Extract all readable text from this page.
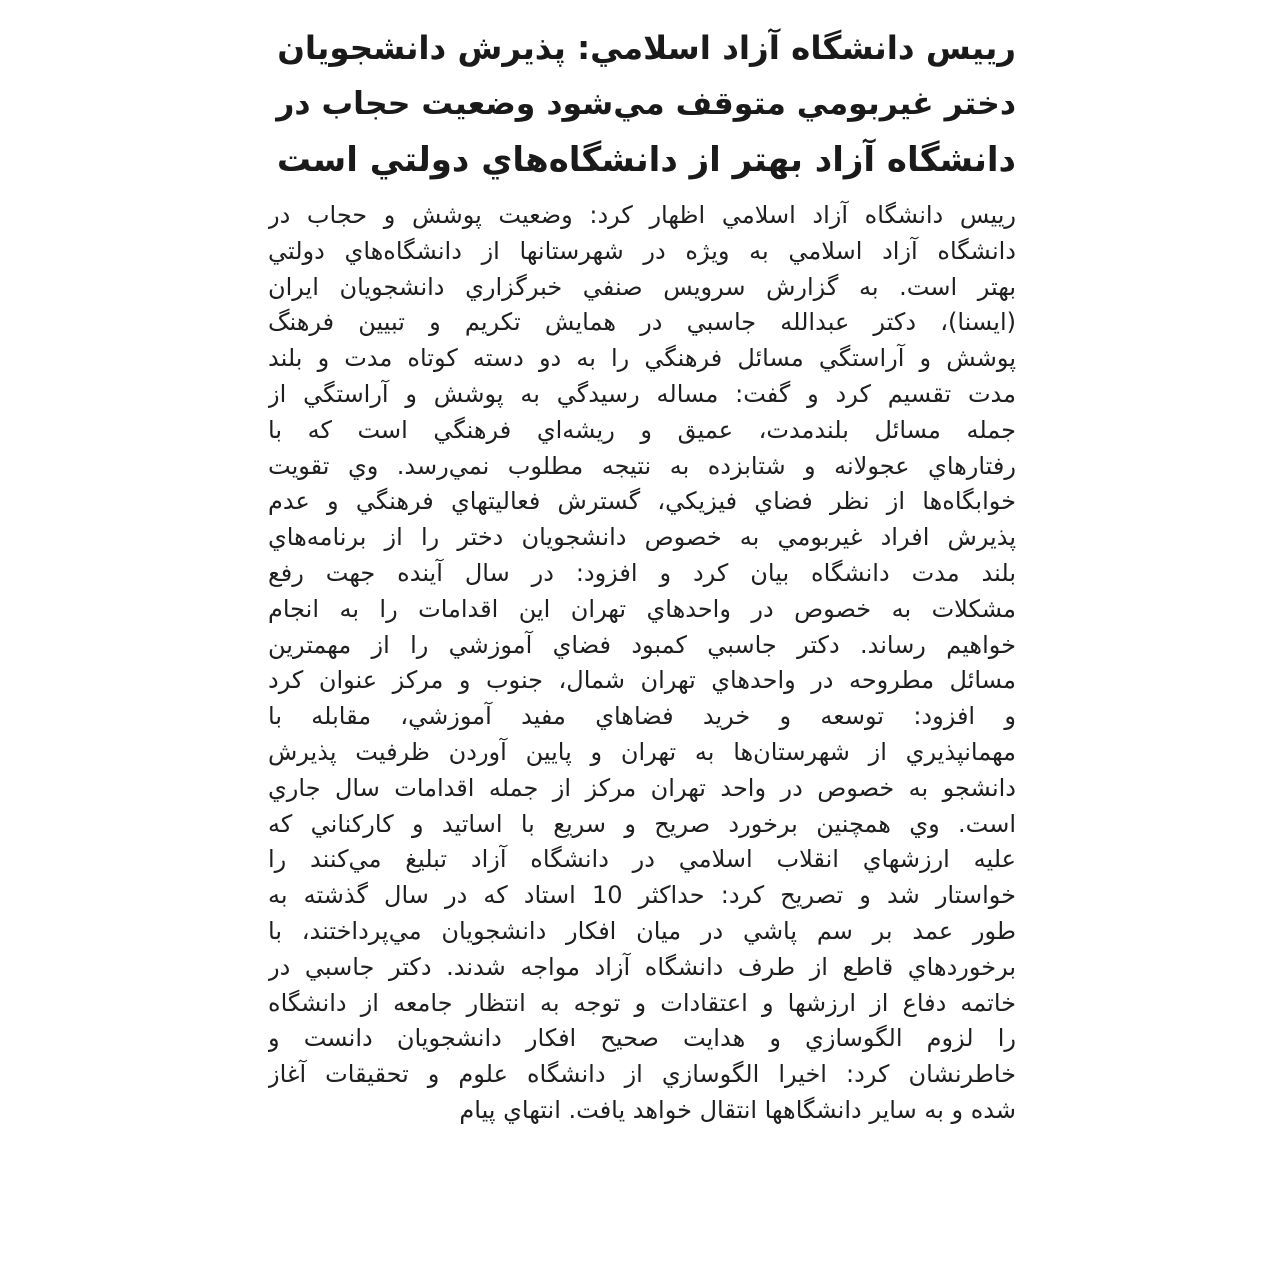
رييس دانشگاه آزاد اسلامي: پذيرش دانشجويان
دختر غيربومي متوقف مي‌شود وضعيت حجاب در
دانشگاه آزاد بهتر از دانشگاه‌هاي دولتي است
رييس دانشگاه آزاد اسلامي اظهار كرد: وضعيت پوشش و حجاب در
دانشگاه آزاد اسلامي به ويژه در شهرستانها از دانشگاه‌هاي دولتي
بهتر است. به گزارش سرويس صنفي خبرگزاري دانشجويان ايران
(ايسنا)، دكتر عبدالله جاسبي در همايش تكريم و تبيين فرهنگ
پوشش و آراستگي مسائل فرهنگي را به دو دسته كوتاه مدت و بلند
مدت تقسيم كرد و گفت: مساله رسيدگي به پوشش و آراستگي از
جمله مسائل بلندمدت، عميق و ريشه‌اي فرهنگي است كه با
رفتارهاي عجولانه و شتابزده به نتيجه مطلوب نمي‌رسد. وي تقويت
خوابگاه‌ها از نظر فضاي فيزيكي، گسترش فعاليتهاي فرهنگي و عدم
پذيرش افراد غيربومي به خصوص دانشجويان دختر را از برنامه‌هاي
بلند مدت دانشگاه بيان كرد و افزود: در سال آينده جهت رفع
مشكلات به خصوص در واحدهاي تهران اين اقدامات را به انجام
خواهيم رساند. دكتر جاسبي كمبود فضاي آموزشي را از مهمترين
مسائل مطروحه در واحدهاي تهران شمال، جنوب و مركز عنوان كرد
و افزود: توسعه و خريد فضاهاي مفيد آموزشي، مقابله با
مهمانپذيري از شهرستان‌ها به تهران و پايين آوردن ظرفيت پذيرش
دانشجو به خصوص در واحد تهران مركز از جمله اقدامات سال جاري
است. وي همچنين برخورد صريح و سريع با اساتيد و كاركناني كه
عليه ارزشهاي انقلاب اسلامي در دانشگاه آزاد تبليغ مي‌كنند را
خواستار شد و تصريح كرد: حداكثر 10 استاد كه در سال گذشته به
طور عمد بر سم پاشي در ميان افكار دانشجويان مي‌پرداختند، با
برخوردهاي قاطع از طرف دانشگاه آزاد مواجه شدند. دكتر جاسبي در
خاتمه دفاع از ارزشها و اعتقادات و توجه به انتظار جامعه از دانشگاه
را لزوم الگوسازي و هدايت صحيح افكار دانشجويان دانست و
خاطرنشان كرد: اخيرا الگوسازي از دانشگاه علوم و تحقيقات آغاز
شده و به ساير دانشگاهها انتقال خواهد يافت. انتهاي پيام
